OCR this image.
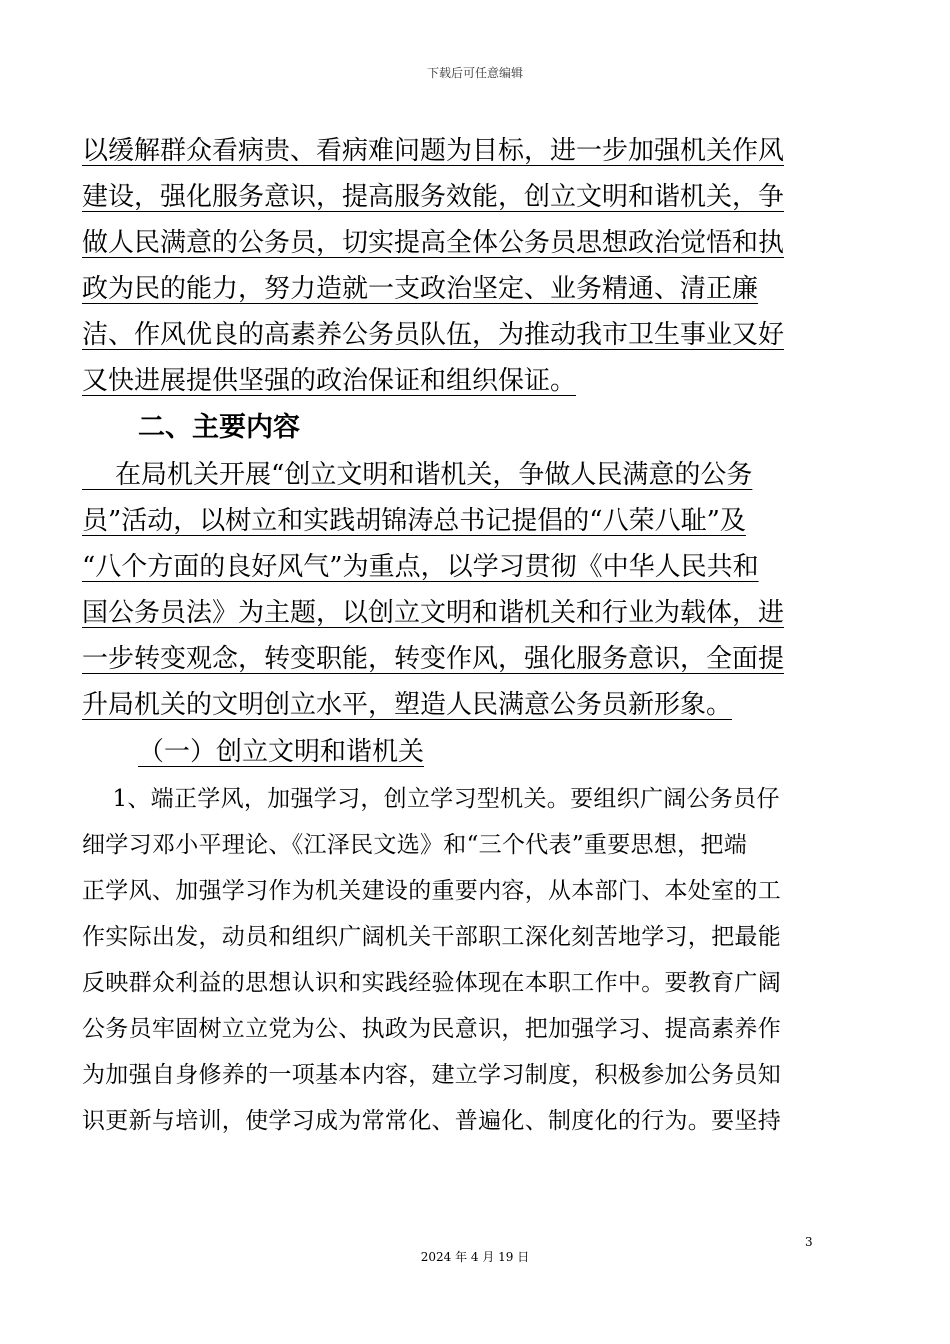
下载后可任意编辑
以缓解群众看病贵、看病难问题为目标，进一步加强机关作风
建设，强化服务意识，提高服务效能，创立文明和谐机关，争
做人民满意的公务员，切实提高全体公务员思想政治觉悟和执
政为民的能力，努力造就一支政治坚定、业务精通、清正廉
洁、作风优良的高素养公务员队伍，为推动我市卫生事业又好
又快进展提供坚强的政治保证和组织保证。
二、主要内容
在局机关开展“创立文明和谐机关，争做人民满意的公务
员”活动，以树立和实践胡锦涛总书记提倡的“八荣八耻”及
“八个方面的良好风气”为重点，以学习贯彻《中华人民共和
国公务员法》为主题，以创立文明和谐机关和行业为载体，进
一步转变观念，转变职能，转变作风，强化服务意识，全面提
升局机关的文明创立水平，塑造人民满意公务员新形象。
（一）创立文明和谐机关
1、端正学风，加强学习，创立学习型机关。要组织广阔公务员仔
细学习邓小平理论、《江泽民文选》和“三个代表”重要思想，把端
正学风、加强学习作为机关建设的重要内容，从本部门、本处室的工
作实际出发，动员和组织广阔机关干部职工深化刻苦地学习，把最能
反映群众利益的思想认识和实践经验体现在本职工作中。要教育广阔
公务员牢固树立立党为公、执政为民意识，把加强学习、提高素养作
为加强自身修养的一项基本内容，建立学习制度，积极参加公务员知
识更新与培训，使学习成为常常化、普遍化、制度化的行为。要坚持
3
2024 年 4 月 19 日
